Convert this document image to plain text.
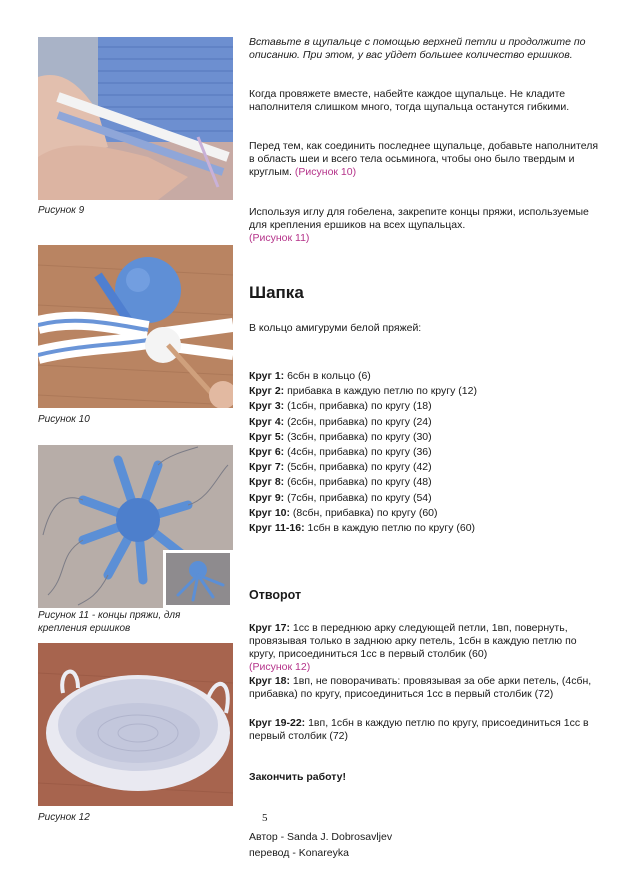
Рисунок 9
Рисунок 10
Рисунок 11 - концы пряжи, для
крепления ершиков
Рисунок 12
Вставьте в щупальце с помощью верхней петли и продолжите по описанию. При этом, у вас уйдет большее количество ершиков.
Когда провяжете вместе, набейте каждое щупальце. Не кладите наполнителя слишком много, тогда щупальца останутся гибкими.
Перед тем, как соединить последнее щупальце, добавьте наполнителя в область шеи и всего тела осьминога, чтобы оно было твердым и круглым. (Рисунок 10)
Используя иглу для гобелена, закрепите концы пряжи, используемые для крепления ершиков на всех щупальцах.
(Рисунок 11)
Шапка
В кольцо амигуруми белой пряжей:
Круг 1: 6сбн в кольцо (6)
Круг 2: прибавка в каждую петлю по кругу (12)
Круг 3: (1сбн, прибавка) по кругу (18)
Круг 4: (2сбн, прибавка) по кругу (24)
Круг 5: (3сбн, прибавка) по кругу (30)
Круг 6: (4сбн, прибавка) по кругу (36)
Круг 7: (5сбн, прибавка) по кругу (42)
Круг 8: (6сбн, прибавка) по кругу (48)
Круг 9: (7сбн, прибавка) по кругу (54)
Круг 10: (8сбн, прибавка) по кругу (60)
Круг 11-16: 1сбн в каждую петлю по кругу (60)
Отворот
Круг 17: 1сс в переднюю арку следующей петли, 1вп, повернуть, провязывая только в заднюю арку петель, 1сбн в каждую петлю по кругу, присоединиться 1сс в первый столбик (60)
(Рисунок 12)
Круг 18: 1вп, не поворачивать: провязывая за обе арки петель, (4сбн, прибавка) по кругу, присоединиться 1сс в первый столбик (72)
Круг 19-22: 1вп, 1сбн в каждую петлю по кругу, присоединиться 1сс в первый столбик (72)
Закончить работу!
5
Автор - Sanda J. Dobrosavljev
перевод - Konareyka
